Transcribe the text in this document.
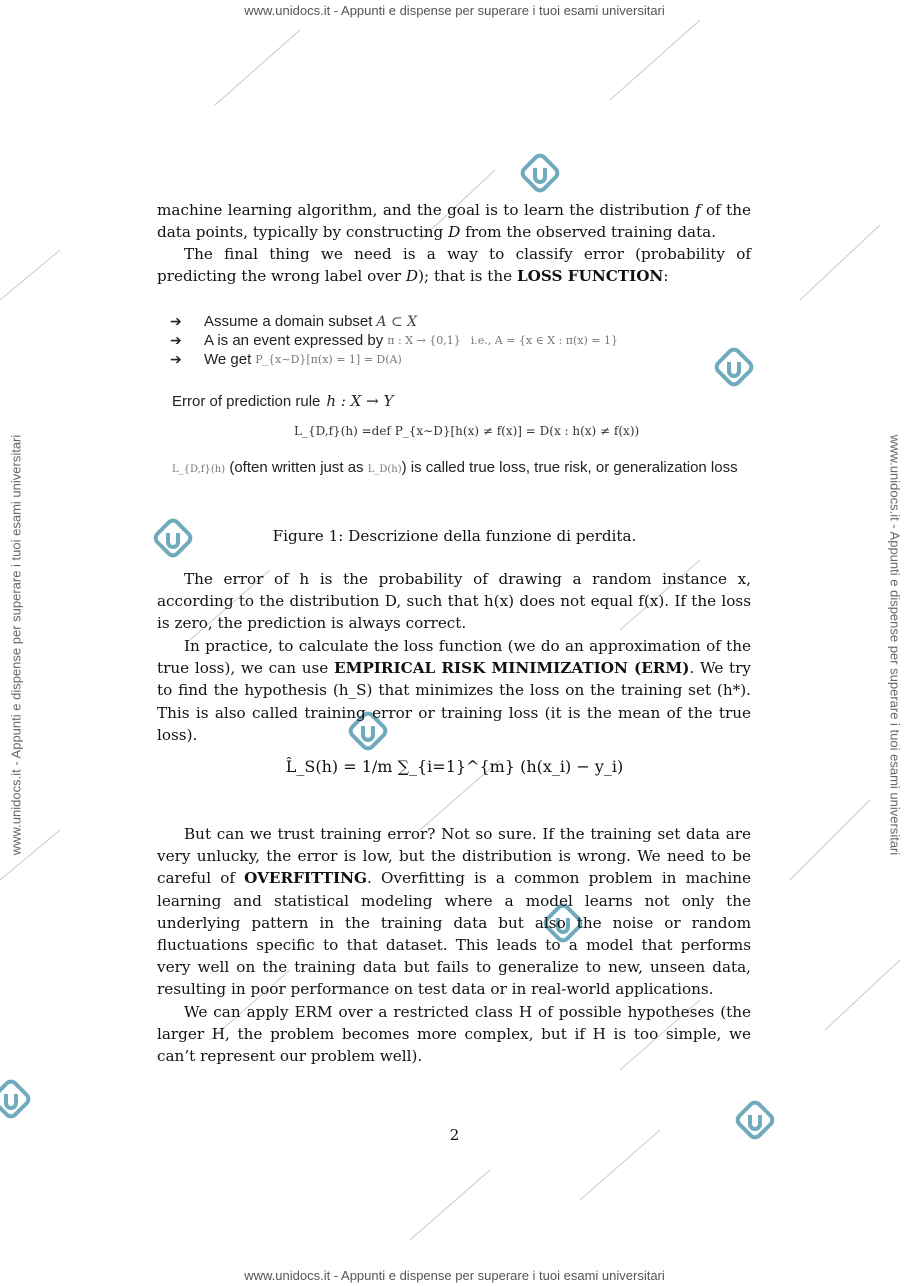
www.unidocs.it - Appunti e dispense per superare i tuoi esami universitari
www.unidocs.it - Appunti e dispense per superare i tuoi esami universitari
www.unidocs.it - Appunti e dispense per superare i tuoi esami universitari	www.unidocs.it - Appunti e dispense per superare i tuoi esami universitari
machine learning algorithm, and the goal is to learn the distribution f of the data points, typically by constructing D from the observed training data.
The final thing we need is a way to classify error (probability of predicting the wrong label over D); that is the LOSS FUNCTION:
➔	Assume a domain subset A ⊂ X
➔	A is an event expressed by π : X → {0,1} i.e., A = {x ∈ X : π(x) = 1}
➔	We get P_{x∼D}[π(x) = 1] = D(A)
Error of prediction rule h : X → Y
L_{D,f}(h) =def P_{x∼D}[h(x) ≠ f(x)] = D(x : h(x) ≠ f(x))
L_{D,f}(h) (often written just as L_D(h)) is called true loss, true risk, or generalization loss
Figure 1: Descrizione della funzione di perdita.
The error of h is the probability of drawing a random instance x, according to the distribution D, such that h(x) does not equal f(x). If the loss is zero, the prediction is always correct.
In practice, to calculate the loss function (we do an approximation of the true loss), we can use EMPIRICAL RISK MINIMIZATION (ERM). We try to find the hypothesis (h_S) that minimizes the loss on the training set (h*). This is also called training error or training loss (it is the mean of the true loss).
L̂_S(h) = 1/m ∑_{i=1}^{m} (h(x_i) − y_i)
But can we trust training error? Not so sure. If the training set data are very unlucky, the error is low, but the distribution is wrong. We need to be careful of OVERFITTING. Overfitting is a common problem in machine learning and statistical modeling where a model learns not only the underlying pattern in the training data but also the noise or random fluctuations specific to that dataset. This leads to a model that performs very well on the training data but fails to generalize to new, unseen data, resulting in poor performance on test data or in real-world applications.
We can apply ERM over a restricted class H of possible hypotheses (the larger H, the problem becomes more complex, but if H is too simple, we can’t represent our problem well).
2
